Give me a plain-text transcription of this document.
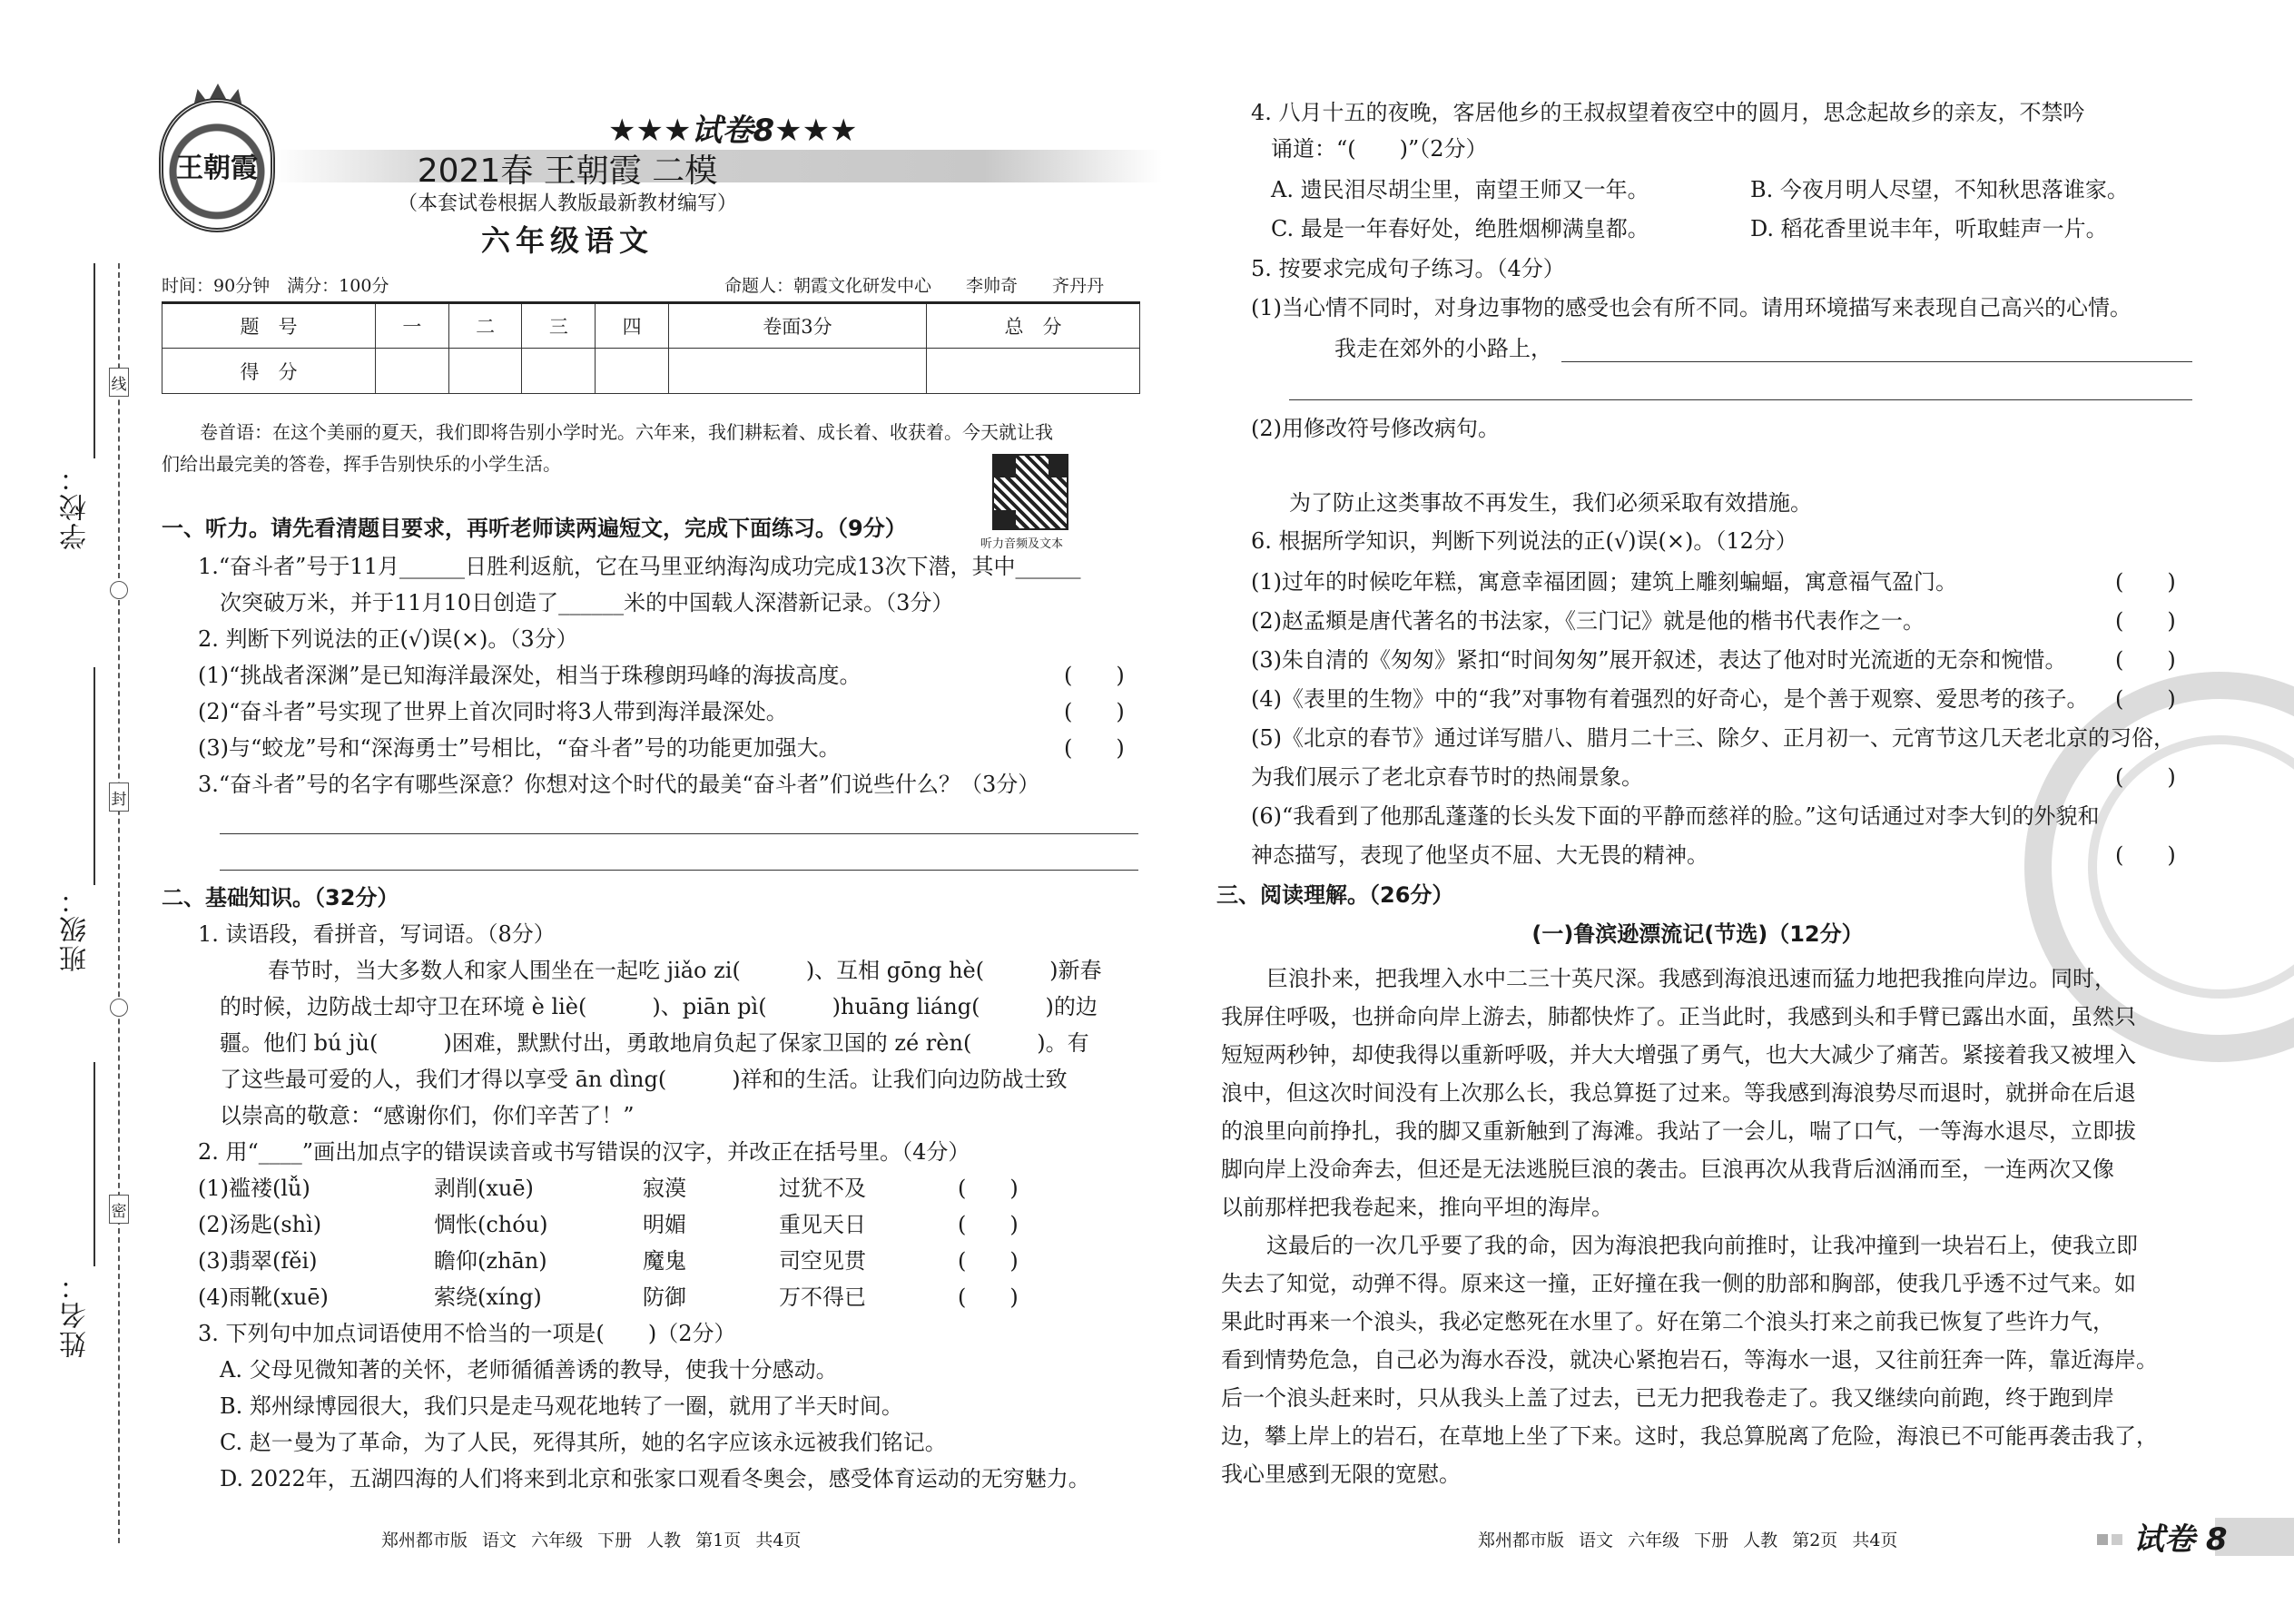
线
封
密
学校：
班级：
姓名：
王朝霞
★★★试卷8★★★
2021春 王朝霞 二模
（本套试卷根据人教版最新教材编写）
六年级语文
时间：90分钟　满分：100分	命题人：朝霞文化研发中心　　李帅奇　　齐丹丹
题　号	一	二	三	四	卷面3分	总　分
得　分						
卷首语：在这个美丽的夏天，我们即将告别小学时光。六年来，我们耕耘着、成长着、收获着。今天就让我
们给出最完美的答卷，挥手告别快乐的小学生活。
听力音频及文本
一、听力。请先看清题目要求，再听老师读两遍短文，完成下面练习。（9分）
1.“奋斗者”号于11月______日胜利返航，它在马里亚纳海沟成功完成13次下潜，其中______
次突破万米，并于11月10日创造了______米的中国载人深潜新记录。（3分）
2. 判断下列说法的正(√)误(×)。（3分）
(1)“挑战者深渊”是已知海洋最深处，相当于珠穆朗玛峰的海拔高度。	(　　)
(2)“奋斗者”号实现了世界上首次同时将3人带到海洋最深处。	(　　)
(3)与“蛟龙”号和“深海勇士”号相比，“奋斗者”号的功能更加强大。	(　　)
3.“奋斗者”号的名字有哪些深意？你想对这个时代的最美“奋斗者”们说些什么？（3分）
二、基础知识。（32分）
1. 读语段，看拼音，写词语。（8分）
春节时，当大多数人和家人围坐在一起吃 jiǎo zi(　　　)、互相 gōng hè(　　　)新春
的时候，边防战士却守卫在环境 è liè(　　　)、piān pì(　　　)huāng liáng(　　　)的边
疆。他们 bú jù(　　　)困难，默默付出，勇敢地肩负起了保家卫国的 zé rèn(　　　)。有
了这些最可爱的人，我们才得以享受 ān dìng(　　　)祥和的生活。让我们向边防战士致
以崇高的敬意：“感谢你们，你们辛苦了！”
2. 用“____”画出加点字的错误读音或书写错误的汉字，并改正在括号里。（4分）
(1)褴褛(lǚ)	剥削(xuē)	寂漠	过犹不及	(　　)
(2)汤匙(shì)	惆怅(chóu)	明媚	重见天日	(　　)
(3)翡翠(fěi)	瞻仰(zhān)	魔鬼	司空见贯	(　　)
(4)雨靴(xuē)	萦绕(xíng)	防御	万不得已	(　　)
3. 下列句中加点词语使用不恰当的一项是(　　)（2分）
A. 父母见微知著的关怀，老师循循善诱的教导，使我十分感动。
B. 郑州绿博园很大，我们只是走马观花地转了一圈，就用了半天时间。
C. 赵一曼为了革命，为了人民，死得其所，她的名字应该永远被我们铭记。
D. 2022年，五湖四海的人们将来到北京和张家口观看冬奥会，感受体育运动的无穷魅力。
郑州都市版 语文 六年级 下册 人教 第1页 共4页
4. 八月十五的夜晚，客居他乡的王叔叔望着夜空中的圆月，思念起故乡的亲友，不禁吟
诵道：“(　　)”（2分）
A. 遗民泪尽胡尘里，南望王师又一年。	B. 今夜月明人尽望，不知秋思落谁家。
C. 最是一年春好处，绝胜烟柳满皇都。	D. 稻花香里说丰年，听取蛙声一片。
5. 按要求完成句子练习。（4分）
(1)当心情不同时，对身边事物的感受也会有所不同。请用环境描写来表现自己高兴的心情。
我走在郊外的小路上，
(2)用修改符号修改病句。
为了防止这类事故不再发生，我们必须采取有效措施。
6. 根据所学知识，判断下列说法的正(√)误(×)。（12分）
(1)过年的时候吃年糕，寓意幸福团圆；建筑上雕刻蝙蝠，寓意福气盈门。	(　　)
(2)赵孟頫是唐代著名的书法家，《三门记》就是他的楷书代表作之一。	(　　)
(3)朱自清的《匆匆》紧扣“时间匆匆”展开叙述，表达了他对时光流逝的无奈和惋惜。 (　　)
(4)《表里的生物》中的“我”对事物有着强烈的好奇心，是个善于观察、爱思考的孩子。 (　　)
(5)《北京的春节》通过详写腊八、腊月二十三、除夕、正月初一、元宵节这几天老北京的习俗，
为我们展示了老北京春节时的热闹景象。	(　　)
(6)“我看到了他那乱蓬蓬的长头发下面的平静而慈祥的脸。”这句话通过对李大钊的外貌和
神态描写，表现了他坚贞不屈、大无畏的精神。	(　　)
三、阅读理解。（26分）
(一)鲁滨逊漂流记(节选)（12分）
巨浪扑来，把我埋入水中二三十英尺深。我感到海浪迅速而猛力地把我推向岸边。同时，
我屏住呼吸，也拼命向岸上游去，肺都快炸了。正当此时，我感到头和手臂已露出水面，虽然只
短短两秒钟，却使我得以重新呼吸，并大大增强了勇气，也大大减少了痛苦。紧接着我又被埋入
浪中，但这次时间没有上次那么长，我总算挺了过来。等我感到海浪势尽而退时，就拼命在后退
的浪里向前挣扎，我的脚又重新触到了海滩。我站了一会儿，喘了口气，一等海水退尽，立即拔
脚向岸上没命奔去，但还是无法逃脱巨浪的袭击。巨浪再次从我背后汹涌而至，一连两次又像
以前那样把我卷起来，推向平坦的海岸。
这最后的一次几乎要了我的命，因为海浪把我向前推时，让我冲撞到一块岩石上，使我立即
失去了知觉，动弹不得。原来这一撞，正好撞在我一侧的肋部和胸部，使我几乎透不过气来。如
果此时再来一个浪头，我必定憋死在水里了。好在第二个浪头打来之前我已恢复了些许力气，
看到情势危急，自己必为海水吞没，就决心紧抱岩石，等海水一退，又往前狂奔一阵，靠近海岸。
后一个浪头赶来时，只从我头上盖了过去，已无力把我卷走了。我又继续向前跑，终于跑到岸
边，攀上岸上的岩石，在草地上坐了下来。这时，我总算脱离了危险，海浪已不可能再袭击我了，
我心里感到无限的宽慰。
郑州都市版 语文 六年级 下册 人教 第2页 共4页	试卷 8
